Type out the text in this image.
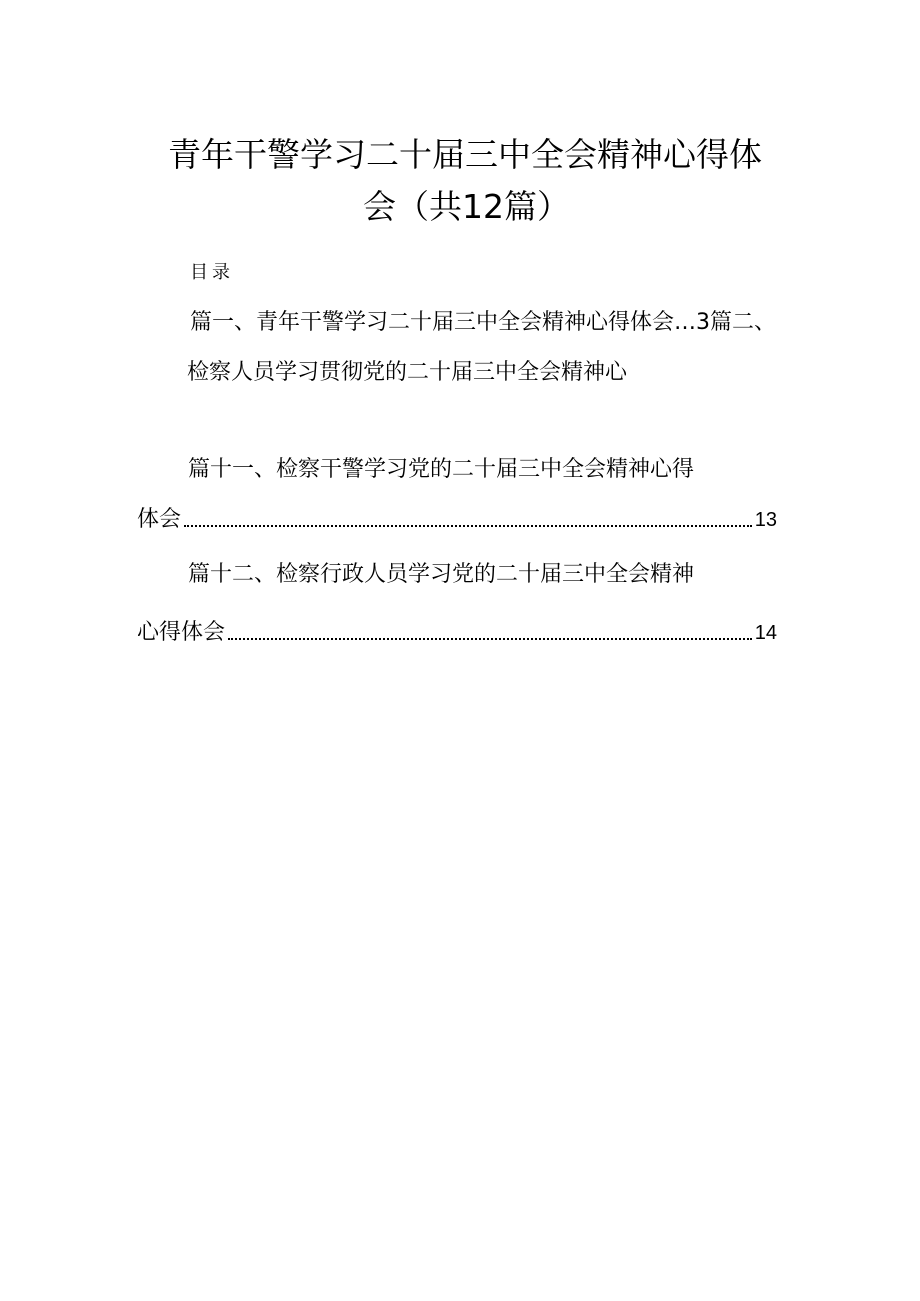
青年干警学习二十届三中全会精神心得体
会（共12篇）
目录
篇一、青年干警学习二十届三中全会精神心得体会…3篇二、
检察人员学习贯彻党的二十届三中全会精神心
篇十一、检察干警学习党的二十届三中全会精神心得
体会	13
篇十二、检察行政人员学习党的二十届三中全会精神
心得体会	14
